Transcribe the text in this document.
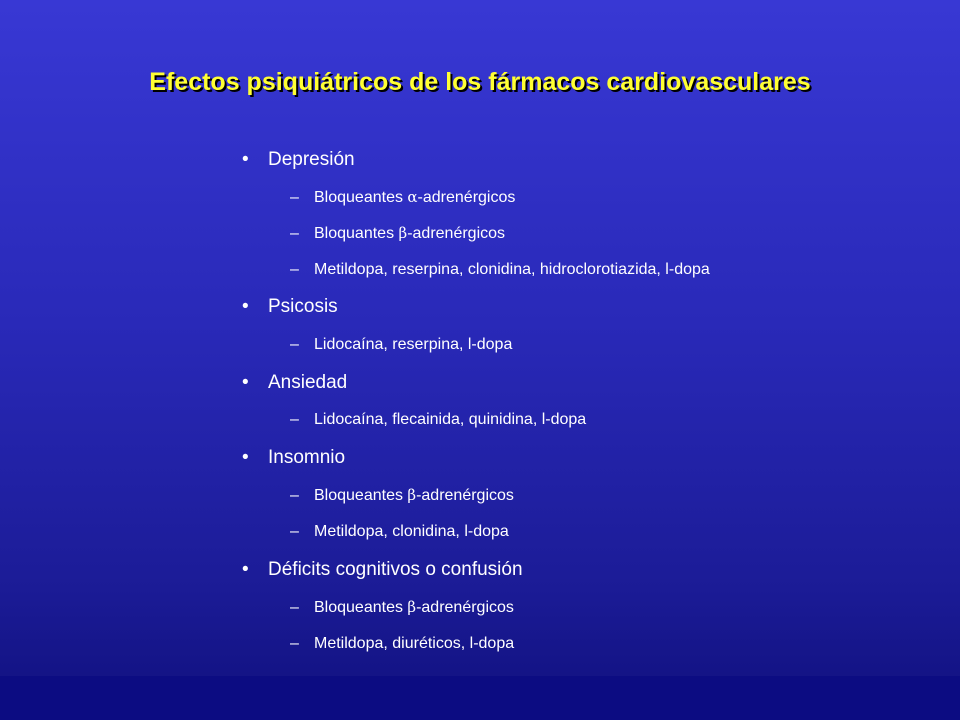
Efectos psiquiátricos de los fármacos cardiovasculares
• Depresión
– Bloqueantes α-adrenérgicos
– Bloquantes β-adrenérgicos
– Metildopa, reserpina, clonidina, hidroclorotiazida, l-dopa
• Psicosis
– Lidocaína, reserpina, l-dopa
• Ansiedad
– Lidocaína, flecainida, quinidina, l-dopa
• Insomnio
– Bloqueantes β-adrenérgicos
– Metildopa, clonidina, l-dopa
• Déficits cognitivos o confusión
– Bloqueantes β-adrenérgicos
– Metildopa, diuréticos, l-dopa
